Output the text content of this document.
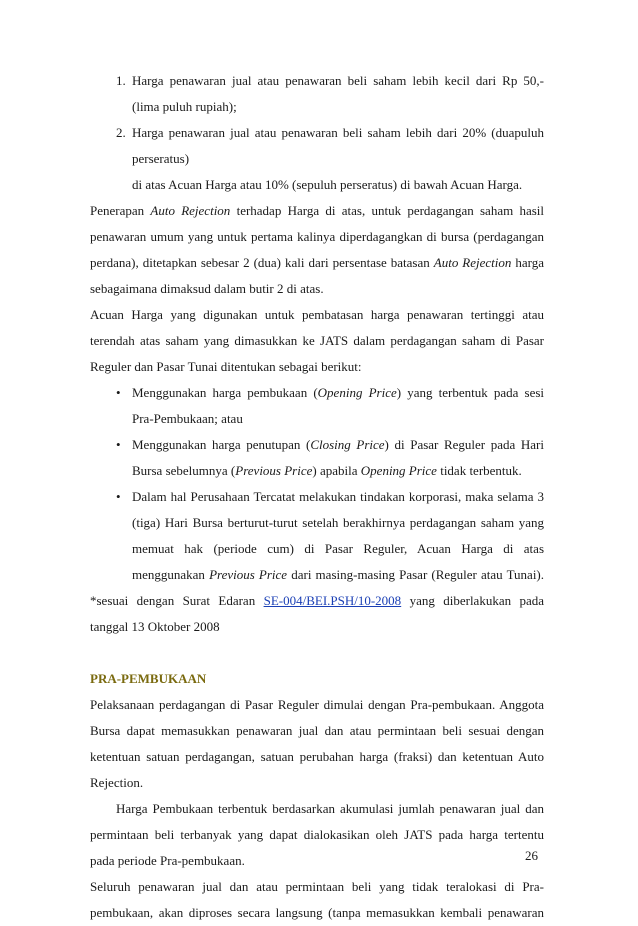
1. Harga penawaran jual atau penawaran beli saham lebih kecil dari Rp 50,-
(lima puluh rupiah);
2. Harga penawaran jual atau penawaran beli saham lebih dari 20% (duapuluh
perseratus)
di atas Acuan Harga atau 10% (sepuluh perseratus) di bawah Acuan Harga.
Penerapan Auto Rejection terhadap Harga di atas, untuk perdagangan saham hasil
penawaran umum yang untuk pertama kalinya diperdagangkan di bursa (perdagangan
perdana), ditetapkan sebesar 2 (dua) kali dari persentase batasan Auto Rejection harga
sebagaimana dimaksud dalam butir 2 di atas.
Acuan Harga yang digunakan untuk pembatasan harga penawaran tertinggi atau
terendah atas saham yang dimasukkan ke JATS dalam perdagangan saham di Pasar
Reguler dan Pasar Tunai ditentukan sebagai berikut:
• Menggunakan harga pembukaan (Opening Price) yang terbentuk pada sesi
Pra-Pembukaan; atau
• Menggunakan harga penutupan (Closing Price) di Pasar Reguler pada Hari
Bursa sebelumnya (Previous Price) apabila Opening Price tidak terbentuk.
• Dalam hal Perusahaan Tercatat melakukan tindakan korporasi, maka selama 3
(tiga) Hari Bursa berturut-turut setelah berakhirnya perdagangan saham yang
memuat hak (periode cum) di Pasar Reguler, Acuan Harga di atas
menggunakan Previous Price dari masing-masing Pasar (Reguler atau Tunai).
*sesuai dengan Surat Edaran SE-004/BEI.PSH/10-2008 yang diberlakukan pada
tanggal 13 Oktober 2008
PRA-PEMBUKAAN
Pelaksanaan perdagangan di Pasar Reguler dimulai dengan Pra-pembukaan. Anggota
Bursa dapat memasukkan penawaran jual dan atau permintaan beli sesuai dengan
ketentuan satuan perdagangan, satuan perubahan harga (fraksi) dan ketentuan Auto
Rejection.
Harga Pembukaan terbentuk berdasarkan akumulasi jumlah penawaran jual dan
permintaan beli terbanyak yang dapat dialokasikan oleh JATS pada harga tertentu
pada periode Pra-pembukaan.
Seluruh penawaran jual dan atau permintaan beli yang tidak teralokasi di Pra-
pembukaan, akan diproses secara langsung (tanpa memasukkan kembali penawaran
26
